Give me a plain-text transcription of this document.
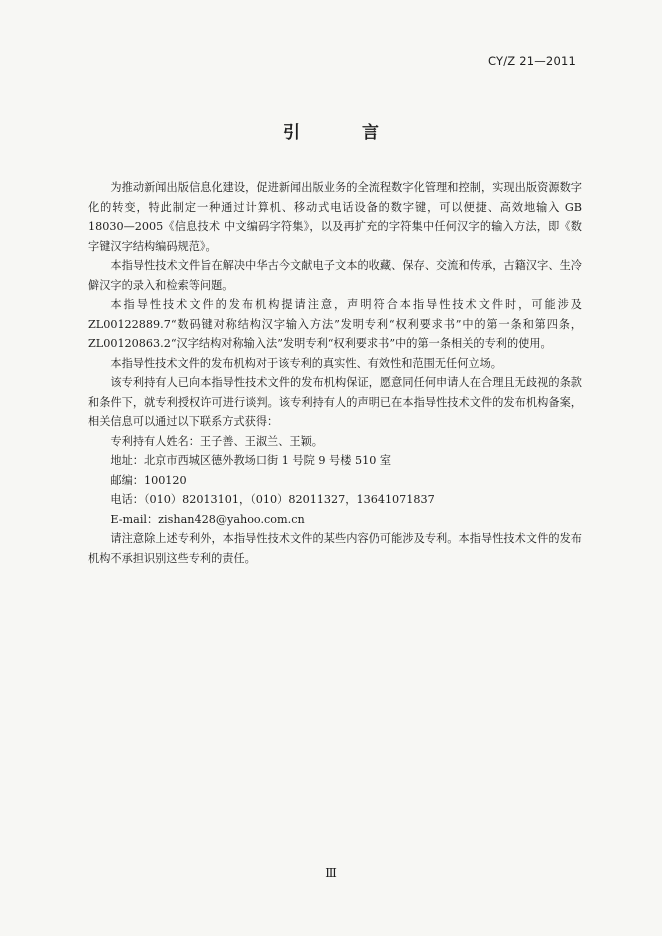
CY/Z 21—2011
引 言

为推动新闻出版信息化建设，促进新闻出版业务的全流程数字化管理和控制，实现出版资源数字化的转变，特此制定一种通过计算机、移动式电话设备的数字键，可以便捷、高效地输入 GB 18030—2005《信息技术 中文编码字符集》，以及再扩充的字符集中任何汉字的输入方法，即《数字键汉字结构编码规范》。

本指导性技术文件旨在解决中华古今文献电子文本的收藏、保存、交流和传承，古籍汉字、生冷僻汉字的录入和检索等问题。

本指导性技术文件的发布机构提请注意，声明符合本指导性技术文件时，可能涉及 ZL00122889.7“数码键对称结构汉字输入方法”发明专利“权利要求书”中的第一条和第四条，ZL00120863.2“汉字结构对称输入法”发明专利“权利要求书”中的第一条相关的专利的使用。

本指导性技术文件的发布机构对于该专利的真实性、有效性和范围无任何立场。

该专利持有人已向本指导性技术文件的发布机构保证，愿意同任何申请人在合理且无歧视的条款和条件下，就专利授权许可进行谈判。该专利持有人的声明已在本指导性技术文件的发布机构备案，相关信息可以通过以下联系方式获得：

专利持有人姓名：王子善、王淑兰、王颖。

地址：北京市西城区德外教场口街 1 号院 9 号楼 510 室

邮编：100120

电话：（010）82013101，（010）82011327，13641071837

E-mail：zishan428@yahoo.com.cn

请注意除上述专利外，本指导性技术文件的某些内容仍可能涉及专利。本指导性技术文件的发布机构不承担识别这些专利的责任。

Ⅲ
